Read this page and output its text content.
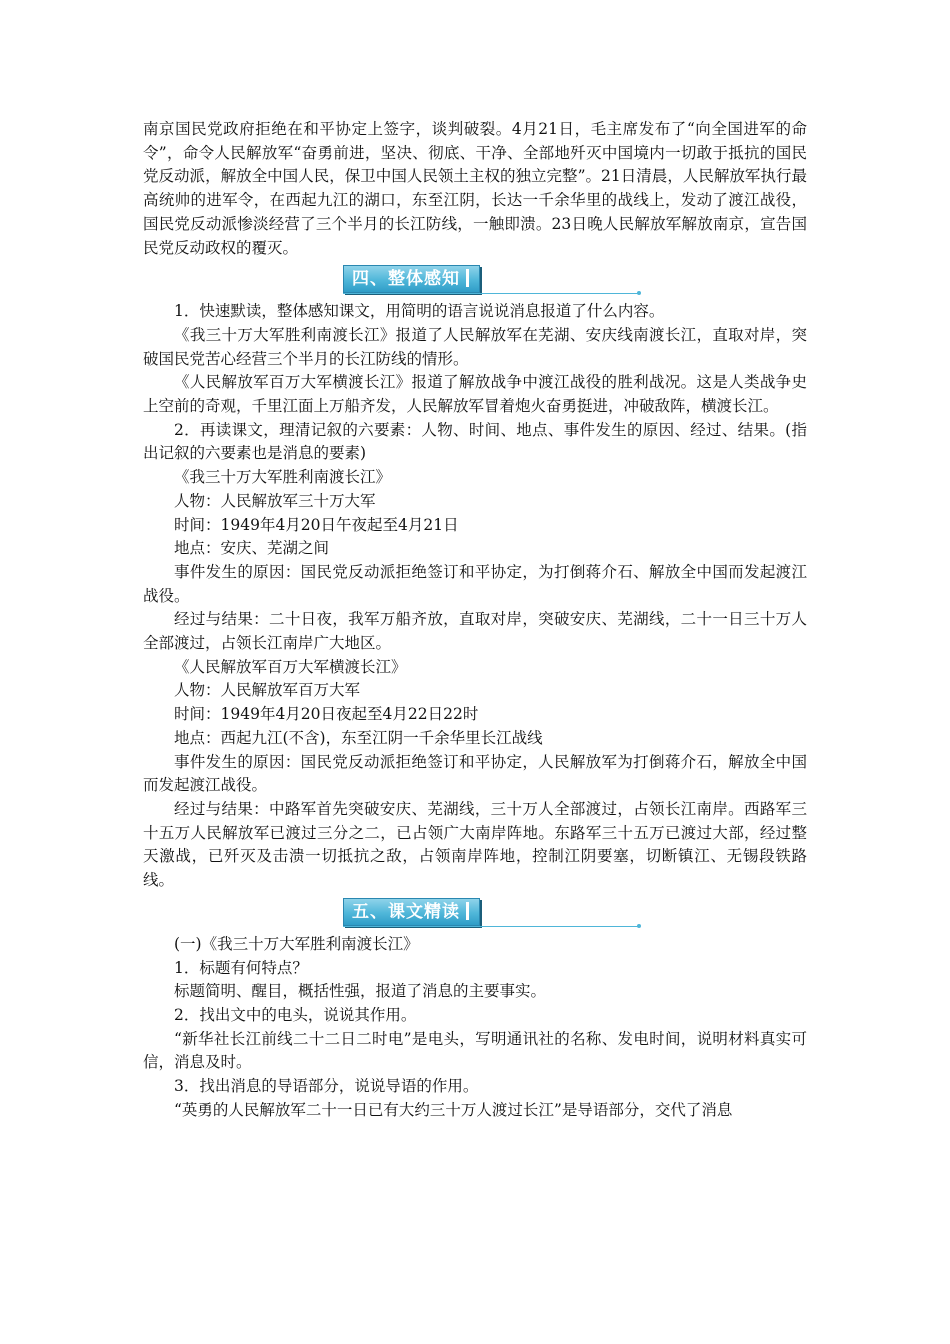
南京国民党政府拒绝在和平协定上签字，谈判破裂。4月21日，毛主席发布了“向全国进军的命令”，命令人民解放军“奋勇前进，坚决、彻底、干净、全部地歼灭中国境内一切敢于抵抗的国民党反动派，解放全中国人民，保卫中国人民领土主权的独立完整”。21日清晨，人民解放军执行最高统帅的进军令，在西起九江的湖口，东至江阴，长达一千余华里的战线上，发动了渡江战役，国民党反动派惨淡经营了三个半月的长江防线，一触即溃。23日晚人民解放军解放南京，宣告国民党反动政权的覆灭。

四、整体感知

1．快速默读，整体感知课文，用简明的语言说说消息报道了什么内容。

《我三十万大军胜利南渡长江》报道了人民解放军在芜湖、安庆线南渡长江，直取对岸，突破国民党苦心经营三个半月的长江防线的情形。

《人民解放军百万大军横渡长江》报道了解放战争中渡江战役的胜利战况。这是人类战争史上空前的奇观，千里江面上万船齐发，人民解放军冒着炮火奋勇挺进，冲破敌阵，横渡长江。

2．再读课文，理清记叙的六要素：人物、时间、地点、事件发生的原因、经过、结果。(指出记叙的六要素也是消息的要素)

《我三十万大军胜利南渡长江》

人物：人民解放军三十万大军

时间：1949年4月20日午夜起至4月21日

地点：安庆、芜湖之间

事件发生的原因：国民党反动派拒绝签订和平协定，为打倒蒋介石、解放全中国而发起渡江战役。

经过与结果：二十日夜，我军万船齐放，直取对岸，突破安庆、芜湖线，二十一日三十万人全部渡过，占领长江南岸广大地区。

《人民解放军百万大军横渡长江》

人物：人民解放军百万大军

时间：1949年4月20日夜起至4月22日22时

地点：西起九江(不含)，东至江阴一千余华里长江战线

事件发生的原因：国民党反动派拒绝签订和平协定，人民解放军为打倒蒋介石，解放全中国而发起渡江战役。

经过与结果：中路军首先突破安庆、芜湖线，三十万人全部渡过，占领长江南岸。西路军三十五万人民解放军已渡过三分之二，已占领广大南岸阵地。东路军三十五万已渡过大部，经过整天激战，已歼灭及击溃一切抵抗之敌，占领南岸阵地，控制江阴要塞，切断镇江、无锡段铁路线。

五、课文精读

(一)《我三十万大军胜利南渡长江》

1．标题有何特点？

标题简明、醒目，概括性强，报道了消息的主要事实。

2．找出文中的电头，说说其作用。

“新华社长江前线二十二日二时电”是电头，写明通讯社的名称、发电时间，说明材料真实可信，消息及时。

3．找出消息的导语部分，说说导语的作用。

“英勇的人民解放军二十一日已有大约三十万人渡过长江”是导语部分，交代了消息
